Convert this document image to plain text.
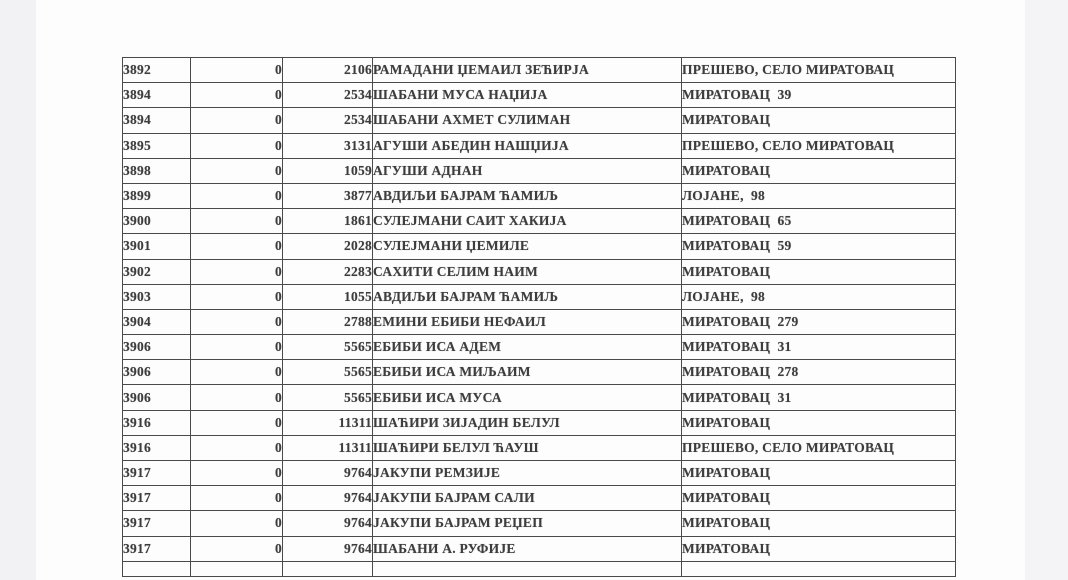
3892	0	2106	РАМАДАНИ ЏЕМАИЛ ЗЕЋИРЈА	ПРЕШЕВО, СЕЛО МИРАТОВАЦ
3894	0	2534	ШАБАНИ МУСА НАЏИЈА	МИРАТОВАЦ  39
3894	0	2534	ШАБАНИ АХМЕТ СУЛИМАН	МИРАТОВАЦ
3895	0	3131	АГУШИ АБЕДИН НАШЏИЈА	ПРЕШЕВО, СЕЛО МИРАТОВАЦ
3898	0	1059	АГУШИ АДНАН	МИРАТОВАЦ
3899	0	3877	АВДИЉИ БАЈРАМ ЋАМИЉ	ЛОЈАНЕ,  98
3900	0	1861	СУЛЕЈМАНИ САИТ ХАКИЈА	МИРАТОВАЦ  65
3901	0	2028	СУЛЕЈМАНИ ЏЕМИЛЕ	МИРАТОВАЦ  59
3902	0	2283	САХИТИ СЕЛИМ НАИМ	МИРАТОВАЦ
3903	0	1055	АВДИЉИ БАЈРАМ ЋАМИЉ	ЛОЈАНЕ,  98
3904	0	2788	ЕМИНИ ЕБИБИ НЕФАИЛ	МИРАТОВАЦ  279
3906	0	5565	ЕБИБИ ИСА АДЕМ	МИРАТОВАЦ  31
3906	0	5565	ЕБИБИ ИСА МИЉАИМ	МИРАТОВАЦ  278
3906	0	5565	ЕБИБИ ИСА МУСА	МИРАТОВАЦ  31
3916	0	11311	ШАЋИРИ ЗИЈАДИН БЕЛУЛ	МИРАТОВАЦ
3916	0	11311	ШАЋИРИ БЕЛУЛ ЋАУШ	ПРЕШЕВО, СЕЛО МИРАТОВАЦ
3917	0	9764	ЈАКУПИ РЕМЗИЈЕ	МИРАТОВАЦ
3917	0	9764	ЈАКУПИ БАЈРАМ САЛИ	МИРАТОВАЦ
3917	0	9764	ЈАКУПИ БАЈРАМ РЕЏЕП	МИРАТОВАЦ
3917	0	9764	ШАБАНИ А. РУФИЈЕ	МИРАТОВАЦ
